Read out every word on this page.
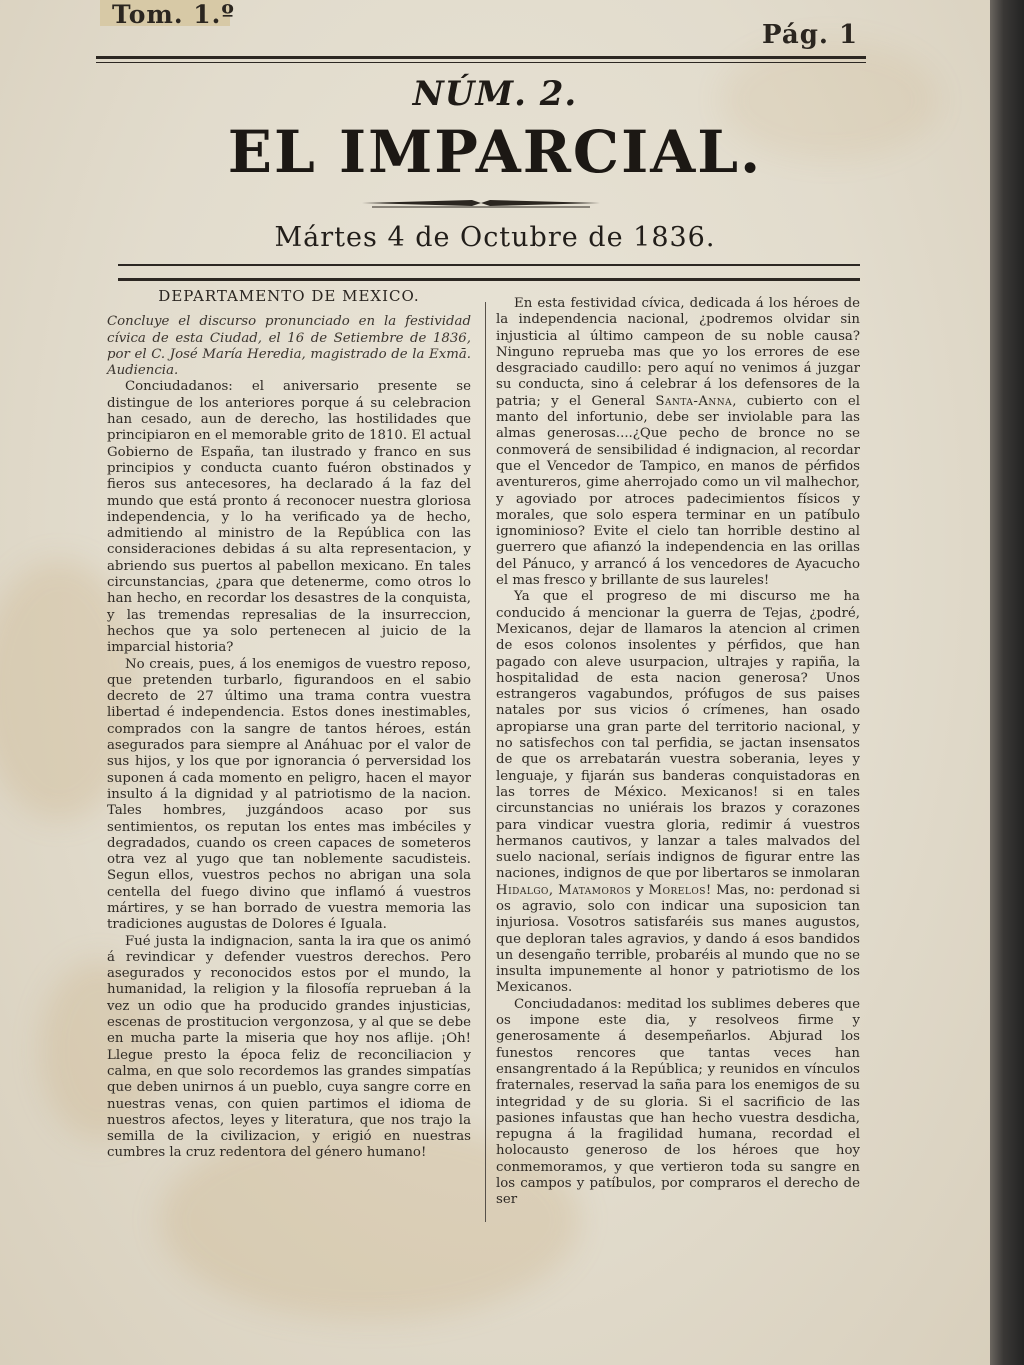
Tom. 1.º
Pág. 1
NÚM. 2.
EL IMPARCIAL.
Mártes 4 de Octubre de 1836.

DEPARTAMENTO DE MEXICO.

Concluye el discurso pronunciado en la festividad cívica de esta Ciudad, el 16 de Setiembre de 1836, por el C. José María Heredia, magistrado de la Exmā. Audiencia.

Conciudadanos: el aniversario presente se distingue de los anteriores porque á su celebracion han cesado, aun de derecho, las hostilidades que principiaron en el memorable grito de 1810. El actual Gobierno de España, tan ilustrado y franco en sus principios y conducta cuanto fuéron obstinados y fieros sus antecesores, ha declarado á la faz del mundo que está pronto á reconocer nuestra gloriosa independencia, y lo ha verificado ya de hecho, admitiendo al ministro de la República con las consideraciones debidas á su alta representacion, y abriendo sus puertos al pabellon mexicano. En tales circunstancias, ¿para que detenerme, como otros lo han hecho, en recordar los desastres de la conquista, y las tremendas represalias de la insurreccion, hechos que ya solo pertenecen al juicio de la imparcial historia?

No creais, pues, á los enemigos de vuestro reposo, que pretenden turbarlo, figurandoos en el sabio decreto de 27 último una trama contra vuestra libertad é independencia. Estos dones inestimables, comprados con la sangre de tantos héroes, están asegurados para siempre al Anáhuac por el valor de sus hijos, y los que por ignorancia ó perversidad los suponen á cada momento en peligro, hacen el mayor insulto á la dignidad y al patriotismo de la nacion. Tales hombres, juzgándoos acaso por sus sentimientos, os reputan los entes mas imbéciles y degradados, cuando os creen capaces de someteros otra vez al yugo que tan noblemente sacudisteis. Segun ellos, vuestros pechos no abrigan una sola centella del fuego divino que inflamó á vuestros mártires, y se han borrado de vuestra memoria las tradiciones augustas de Dolores é Iguala.

Fué justa la indignacion, santa la ira que os animó á revindicar y defender vuestros derechos. Pero asegurados y reconocidos estos por el mundo, la humanidad, la religion y la filosofía reprueban á la vez un odio que ha producido grandes injusticias, escenas de prostitucion vergonzosa, y al que se debe en mucha parte la miseria que hoy nos aflije. ¡Oh! Llegue presto la época feliz de reconciliacion y calma, en que solo recordemos las grandes simpatías que deben unirnos á un pueblo, cuya sangre corre en nuestras venas, con quien partimos el idioma de nuestros afectos, leyes y literatura, que nos trajo la semilla de la civilizacion, y erigió en nuestras cumbres la cruz redentora del género humano!

En esta festividad cívica, dedicada á los héroes de la independencia nacional, ¿podremos olvidar sin injusticia al último campeon de su noble causa? Ninguno reprueba mas que yo los errores de ese desgraciado caudillo: pero aquí no venimos á juzgar su conducta, sino á celebrar á los defensores de la patria; y el General Santa-Anna, cubierto con el manto del infortunio, debe ser inviolable para las almas generosas....¿Que pecho de bronce no se conmoverá de sensibilidad é indignacion, al recordar que el Vencedor de Tampico, en manos de pérfidos aventureros, gime aherrojado como un vil malhechor, y agoviado por atroces padecimientos físicos y morales, que solo espera terminar en un patíbulo ignominioso? Evite el cielo tan horrible destino al guerrero que afianzó la independencia en las orillas del Pánuco, y arrancó á los vencedores de Ayacucho el mas fresco y brillante de sus laureles!

Ya que el progreso de mi discurso me ha conducido á mencionar la guerra de Tejas, ¿podré, Mexicanos, dejar de llamaros la atencion al crimen de esos colonos insolentes y pérfidos, que han pagado con aleve usurpacion, ultrajes y rapiña, la hospitalidad de esta nacion generosa? Unos estrangeros vagabundos, prófugos de sus paises natales por sus vicios ó crímenes, han osado apropiarse una gran parte del territorio nacional, y no satisfechos con tal perfidia, se jactan insensatos de que os arrebatarán vuestra soberania, leyes y lenguaje, y fijarán sus banderas conquistadoras en las torres de México. Mexicanos! si en tales circunstancias no uniérais los brazos y corazones para vindicar vuestra gloria, redimir á vuestros hermanos cautivos, y lanzar a tales malvados del suelo nacional, seríais indignos de figurar entre las naciones, indignos de que por libertaros se inmolaran Hidalgo, Matamoros y Morelos! Mas, no: perdonad si os agravio, solo con indicar una suposicion tan injuriosa. Vosotros satisfaréis sus manes augustos, que deploran tales agravios, y dando á esos bandidos un desengaño terrible, probaréis al mundo que no se insulta impunemente al honor y patriotismo de los Mexicanos.

Conciudadanos: meditad los sublimes deberes que os impone este dia, y resolveos firme y generosamente á desempeñarlos. Abjurad los funestos rencores que tantas veces han ensangrentado á la República; y reunidos en vínculos fraternales, reservad la saña para los enemigos de su integridad y de su gloria. Si el sacrificio de las pasiones infaustas que han hecho vuestra desdicha, repugna á la fragilidad humana, recordad el holocausto generoso de los héroes que hoy conmemoramos, y que vertieron toda su sangre en los campos y patíbulos, por compraros el derecho de ser
